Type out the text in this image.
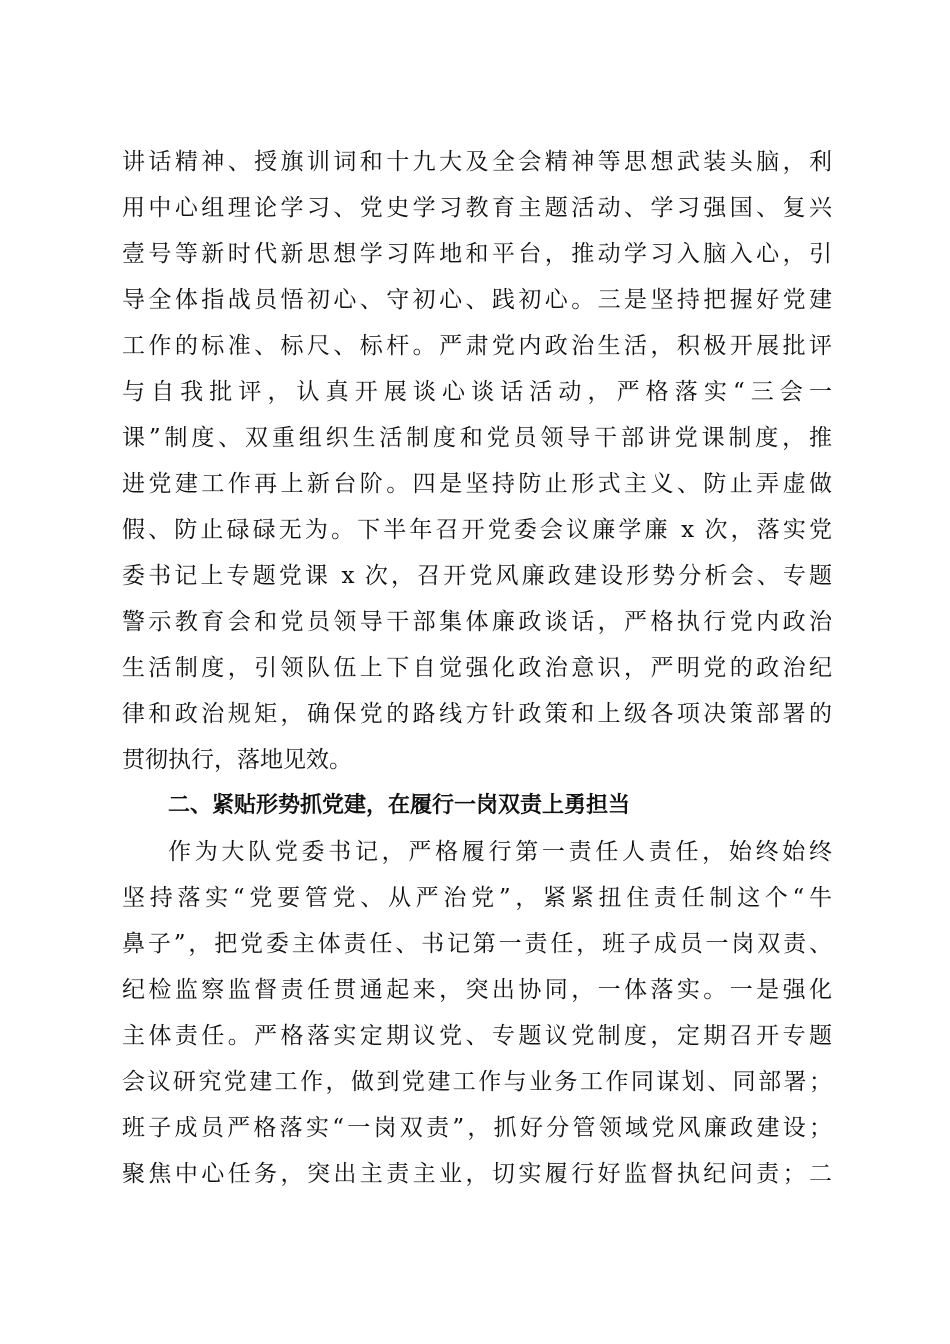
讲话精神、授旗训词和十九大及全会精神等思想武装头脑，利
用中心组理论学习、党史学习教育主题活动、学习强国、复兴
壹号等新时代新思想学习阵地和平台，推动学习入脑入心，引
导全体指战员悟初心、守初心、践初心。三是坚持把握好党建
工作的标准、标尺、标杆。严肃党内政治生活，积极开展批评
与自我批评，认真开展谈心谈话活动，严格落实“三会一
课”制度、双重组织生活制度和党员领导干部讲党课制度，推
进党建工作再上新台阶。四是坚持防止形式主义、防止弄虚做
假、防止碌碌无为。下半年召开党委会议廉学廉 x 次，落实党
委书记上专题党课 x 次，召开党风廉政建设形势分析会、专题
警示教育会和党员领导干部集体廉政谈话，严格执行党内政治
生活制度，引领队伍上下自觉强化政治意识，严明党的政治纪
律和政治规矩，确保党的路线方针政策和上级各项决策部署的
贯彻执行，落地见效。
二、紧贴形势抓党建，在履行一岗双责上勇担当
作为大队党委书记，严格履行第一责任人责任，始终始终
坚持落实“党要管党、从严治党”，紧紧扭住责任制这个“牛
鼻子”，把党委主体责任、书记第一责任，班子成员一岗双责、
纪检监察监督责任贯通起来，突出协同，一体落实。一是强化
主体责任。严格落实定期议党、专题议党制度，定期召开专题
会议研究党建工作，做到党建工作与业务工作同谋划、同部署；
班子成员严格落实“一岗双责”，抓好分管领域党风廉政建设；
聚焦中心任务，突出主责主业，切实履行好监督执纪问责；二
